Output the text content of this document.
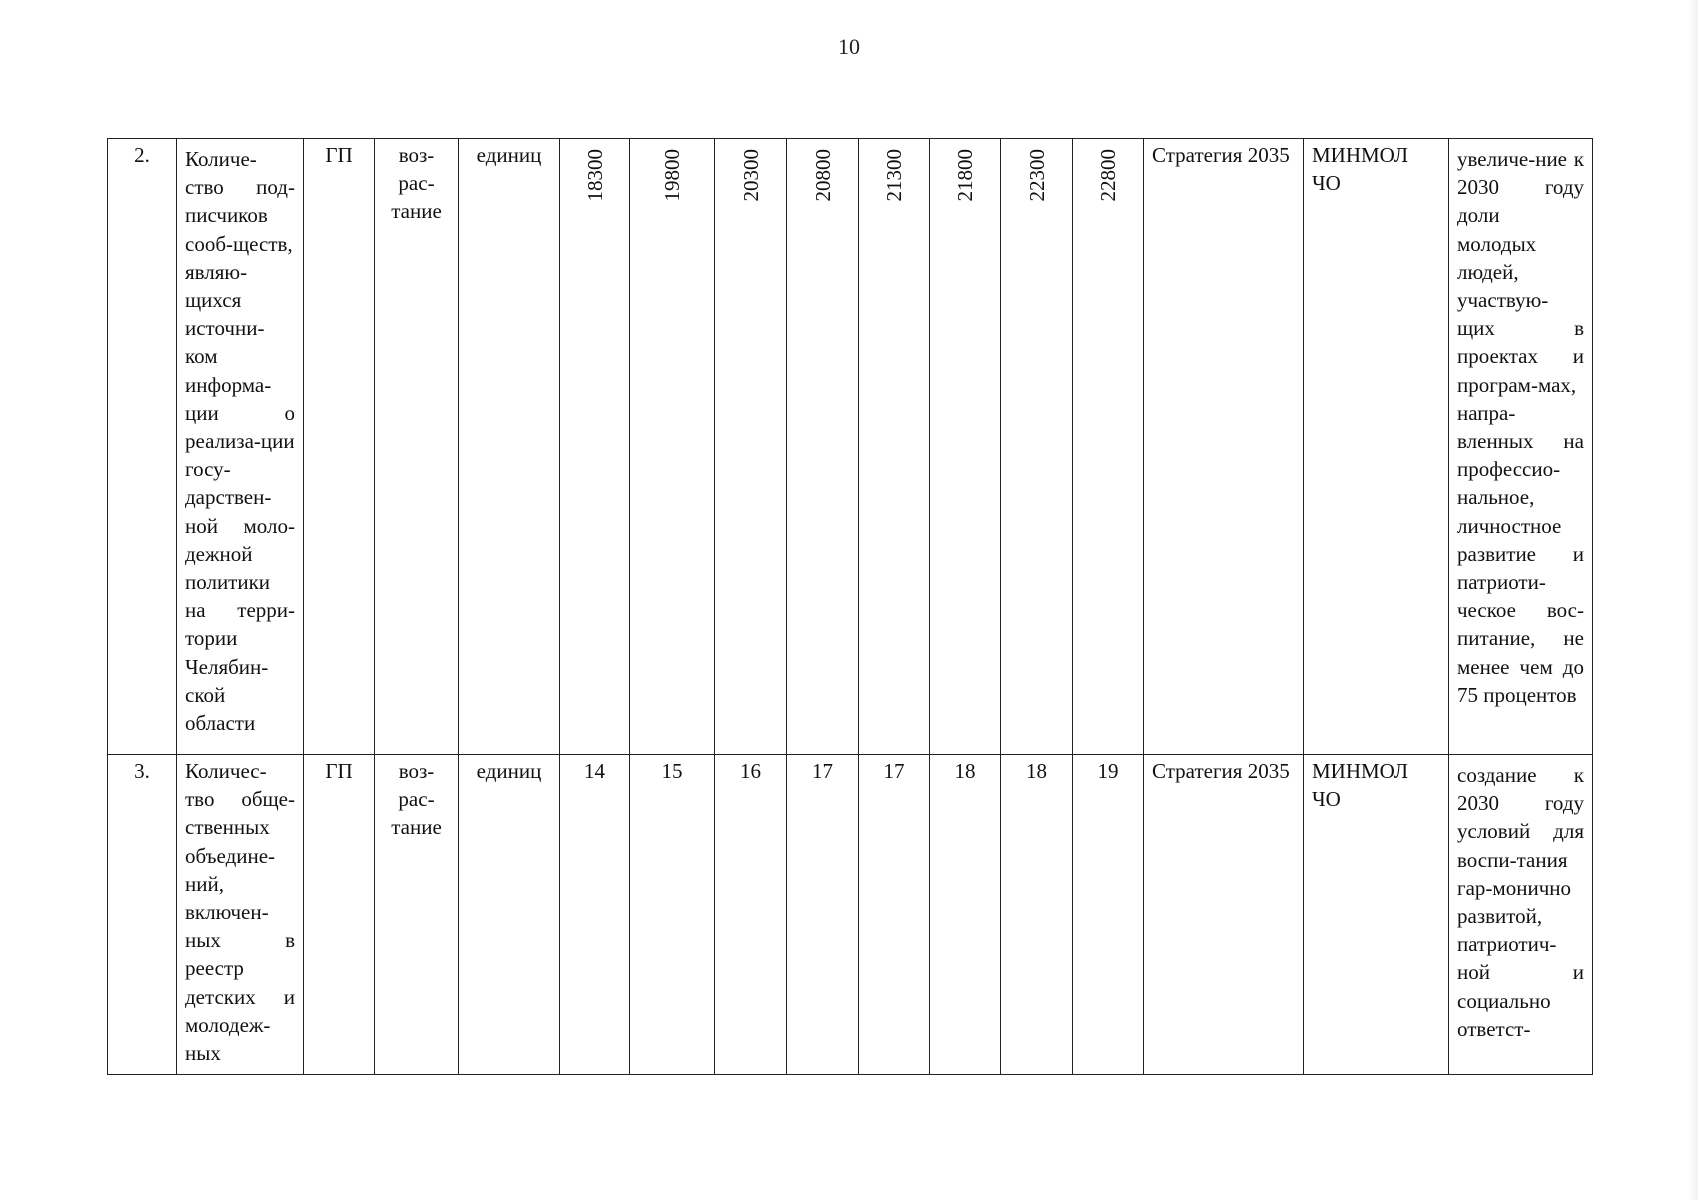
10
2.	Количе-ство под-писчиков сооб-ществ, являю-щихся источни-ком информа-ции о реализа-ции госу-дарствен-ной моло-дежной политики на терри-тории Челябин-ской области	ГП	воз-рас-тание	единиц	18300	19800	20300	20800	21300	21800	22300	22800	Стратегия 2035	МИНМОЛ ЧО	увеличе-ние к 2030 году доли молодых людей, участвую-щих в проектах и програм-мах, напра-вленных на профессио-нальное, личностное развитие и патриоти-ческое вос-питание, не менее чем до 75 процентов
3.	Количес-тво обще-ственных объедине-ний, включен-ных в реестр детских и молодеж-ных	ГП	воз-рас-тание	единиц	14	15	16	17	17	18	18	19	Стратегия 2035	МИНМОЛ ЧО	создание к 2030 году условий для воспи-тания гар-монично развитой, патриотич-ной и социально ответст-
